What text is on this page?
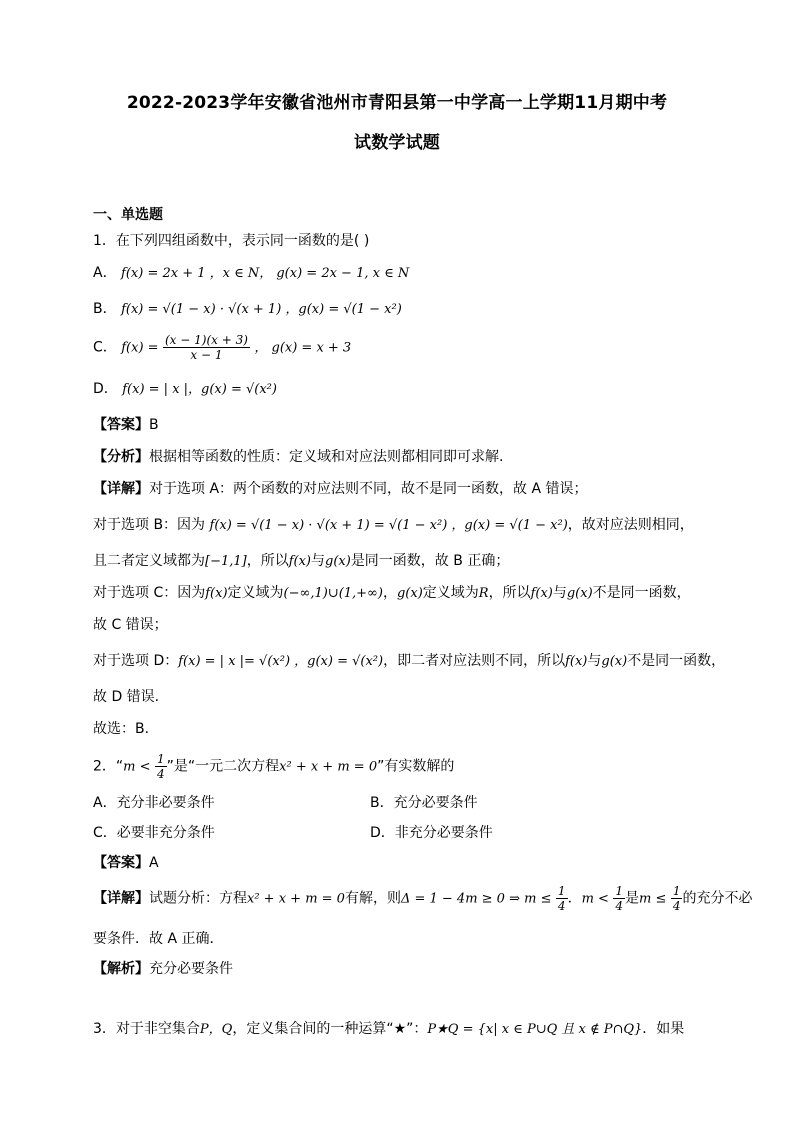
2022-2023学年安徽省池州市青阳县第一中学高一上学期11月期中考
试数学试题
一、单选题
1．在下列四组函数中，表示同一函数的是( )
A． f(x) = 2x + 1 ，x ∈ N， g(x) = 2x − 1, x ∈ N
B． f(x) = √(1 − x) · √(x + 1) ，g(x) = √(1 − x²)
C． $f(x) = \frac{(x - 1)(x + 3)}{x - 1}$ ， g(x) = x + 3
D． f(x) = | x |，g(x) = √(x²)
【答案】B
【分析】根据相等函数的性质：定义域和对应法则都相同即可求解.
【详解】对于选项 A：两个函数的对应法则不同，故不是同一函数，故 A 错误；
对于选项 B：因为 f(x) = √(1 − x) · √(x + 1) = √(1 − x²) ，g(x) = √(1 − x²)，故对应法则相同，
且二者定义域都为[−1,1]，所以f(x)与g(x)是同一函数，故 B 正确；
对于选项 C：因为f(x)定义域为(−∞,1)∪(1,+∞)，g(x)定义域为R，所以f(x)与g(x)不是同一函数，
故 C 错误；
对于选项 D：f(x) = | x |= √(x²) ，g(x) = √(x²)，即二者对应法则不同，所以f(x)与g(x)不是同一函数，
故 D 错误.
故选：B.
2．“$m < \frac{1}{4}$ ”是“一元二次方程x² + x + m = 0”有实数解的
A．充分非必要条件	B．充分必要条件
C．必要非充分条件	D．非充分必要条件
【答案】A
【详解】试题分析：方程x² + x + m = 0有解，则Δ = 1 − 4m ≥ 0 ⇒ $m \le \frac{1}{4}$ ．$m < \frac{1}{4}$ 是$m \le \frac{1}{4}$ 的充分不必
要条件．故 A 正确．
【解析】充分必要条件
3．对于非空集合P，Q，定义集合间的一种运算“★”：P★Q = {x| x ∈ P∪Q 且 x ∉ P∩Q}．如果
